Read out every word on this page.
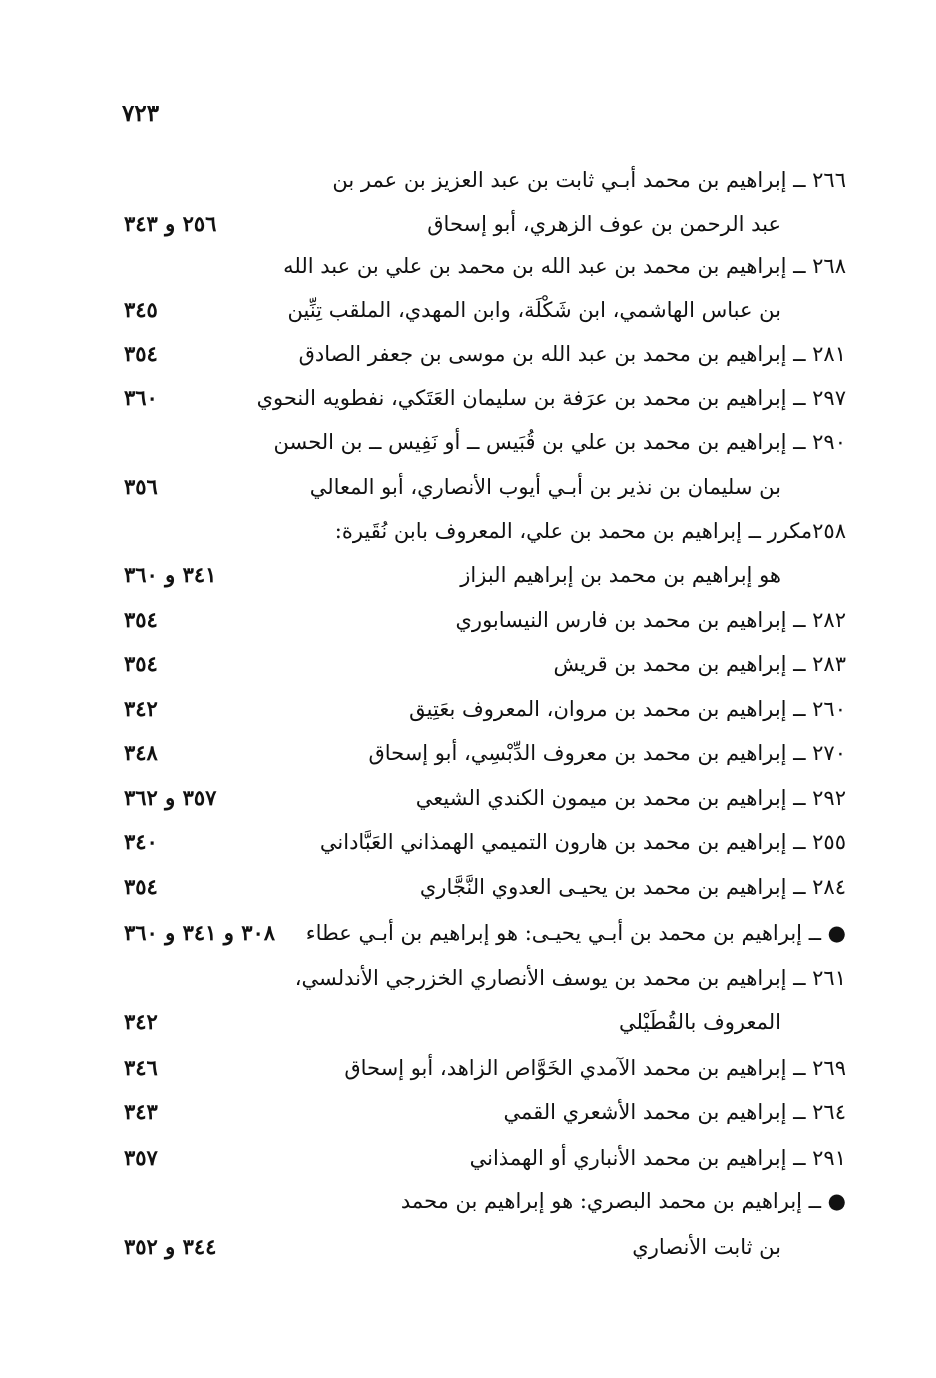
٧٢٣
٢٦٦ ــ إبراهيم بن محمد أبـي ثابت بن عبد العزيز بن عمر بن
عبد الرحمن بن عوف الزهري، أبو إسحاق
٢٥٦ و ٣٤٣
٢٦٨ ــ إبراهيم بن محمد بن عبد الله بن محمد بن علي بن عبد الله
بن عباس الهاشمي، ابن شَكْلَة، وابن المهدي، الملقب تِنِّين
٣٤٥
٢٨١ ــ إبراهيم بن محمد بن عبد الله بن موسى بن جعفر الصادق
٣٥٤
٢٩٧ ــ إبراهيم بن محمد بن عرَفة بن سليمان العَتَكي، نفطويه النحوي
٣٦٠
٢٩٠ ــ إبراهيم بن محمد بن علي بن قُبَيس ــ أو نَفِيس ــ بن الحسن
بن سليمان بن نذير بن أبـي أيوب الأنصاري، أبو المعالي
٣٥٦
٢٥٨مكرر ــ إبراهيم بن محمد بن علي، المعروف بابن نُقَيرة:
هو إبراهيم بن محمد بن إبراهيم البزاز
٣٤١ و ٣٦٠
٢٨٢ ــ إبراهيم بن محمد بن فارس النيسابوري
٣٥٤
٢٨٣ ــ إبراهيم بن محمد بن قريش
٣٥٤
٢٦٠ ــ إبراهيم بن محمد بن مروان، المعروف بعَتِيق
٣٤٢
٢٧٠ ــ إبراهيم بن محمد بن معروف الدِّبْسِي، أبو إسحاق
٣٤٨
٢٩٢ ــ إبراهيم بن محمد بن ميمون الكندي الشيعي
٣٥٧ و ٣٦٢
٢٥٥ ــ إبراهيم بن محمد بن هارون التميمي الهمذاني العَبَّاداني
٣٤٠
٢٨٤ ــ إبراهيم بن محمد بن يحيـى العدوي النَّجَّاري
٣٥٤
● ــ إبراهيم بن محمد بن أبـي يحيـى: هو إبراهيم بن أبـي عطاء
٣٠٨ و ٣٤١ و ٣٦٠
٢٦١ ــ إبراهيم بن محمد بن يوسف الأنصاري الخزرجي الأندلسي،
المعروف بالقُطَيْلي
٣٤٢
٢٦٩ ــ إبراهيم بن محمد الآمدي الخَوَّاص الزاهد، أبو إسحاق
٣٤٦
٢٦٤ ــ إبراهيم بن محمد الأشعري القمي
٣٤٣
٢٩١ ــ إبراهيم بن محمد الأنباري أو الهمذاني
٣٥٧
● ــ إبراهيم بن محمد البصري: هو إبراهيم بن محمد
بن ثابت الأنصاري
٣٤٤ و ٣٥٢
